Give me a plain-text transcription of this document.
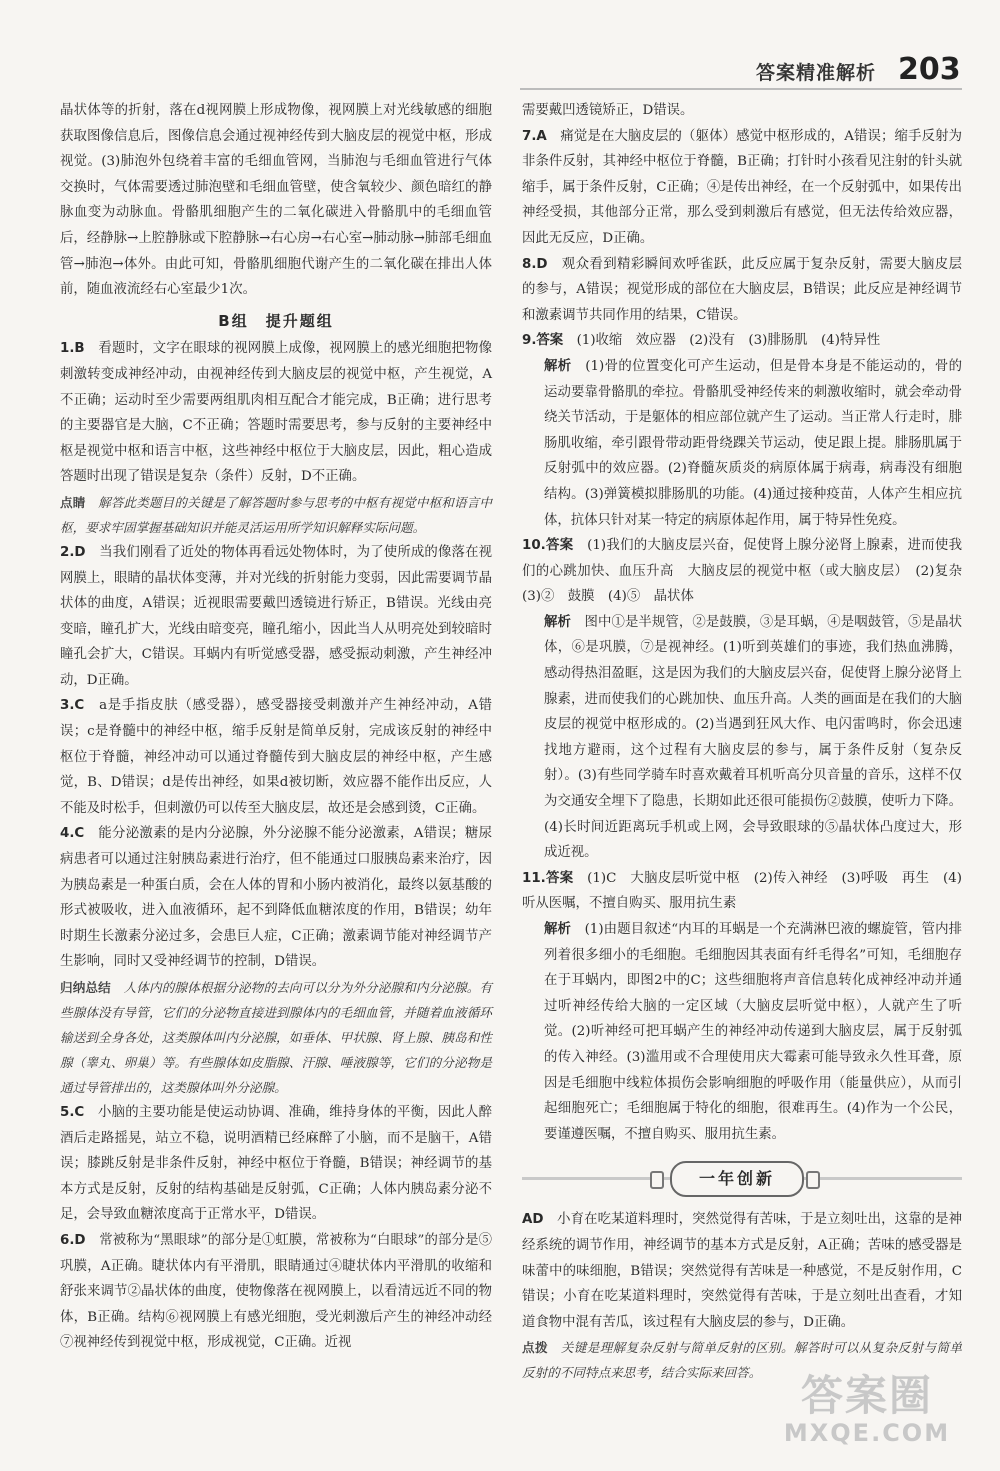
答案精准解析 203

晶状体等的折射，落在d视网膜上形成物像，视网膜上对光线敏感的细胞获取图像信息后，图像信息会通过视神经传到大脑皮层的视觉中枢，形成视觉。(3)肺泡外包绕着丰富的毛细血管网，当肺泡与毛细血管进行气体交换时，气体需要透过肺泡壁和毛细血管壁，使含氧较少、颜色暗红的静脉血变为动脉血。骨骼肌细胞产生的二氧化碳进入骨骼肌中的毛细血管后，经静脉→上腔静脉或下腔静脉→右心房→右心室→肺动脉→肺部毛细血管→肺泡→体外。由此可知，骨骼肌细胞代谢产生的二氧化碳在排出人体前，随血液流经右心室最少1次。

B组　提升题组

1.B　 看题时，文字在眼球的视网膜上成像，视网膜上的感光细胞把物像刺激转变成神经冲动，由视神经传到大脑皮层的视觉中枢，产生视觉，A不正确；运动时至少需要两组肌肉相互配合才能完成，B正确；进行思考的主要器官是大脑，C不正确；答题时需要思考，参与反射的主要神经中枢是视觉中枢和语言中枢，这些神经中枢位于大脑皮层，因此，粗心造成答题时出现了错误是复杂（条件）反射，D不正确。

点睛　 解答此类题目的关键是了解答题时参与思考的中枢有视觉中枢和语言中枢，要求牢固掌握基础知识并能灵活运用所学知识解释实际问题。

2.D　 当我们刚看了近处的物体再看远处物体时，为了使所成的像落在视网膜上，眼睛的晶状体变薄，并对光线的折射能力变弱，因此需要调节晶状体的曲度，A错误；近视眼需要戴凹透镜进行矫正，B错误。光线由亮变暗，瞳孔扩大，光线由暗变亮，瞳孔缩小，因此当人从明亮处到较暗时瞳孔会扩大，C错误。耳蜗内有听觉感受器，感受振动刺激，产生神经冲动，D正确。

3.C　 a是手指皮肤（感受器），感受器接受刺激并产生神经冲动，A错误；c是脊髓中的神经中枢，缩手反射是简单反射，完成该反射的神经中枢位于脊髓，神经冲动可以通过脊髓传到大脑皮层的神经中枢，产生感觉，B、D错误；d是传出神经，如果d被切断，效应器不能作出反应，人不能及时松手，但刺激仍可以传至大脑皮层，故还是会感到烫，C正确。

4.C　 能分泌激素的是内分泌腺，外分泌腺不能分泌激素，A错误；糖尿病患者可以通过注射胰岛素进行治疗，但不能通过口服胰岛素来治疗，因为胰岛素是一种蛋白质，会在人体的胃和小肠内被消化，最终以氨基酸的形式被吸收，进入血液循环，起不到降低血糖浓度的作用，B错误；幼年时期生长激素分泌过多，会患巨人症，C正确；激素调节能对神经调节产生影响，同时又受神经调节的控制，D错误。

归纳总结　 人体内的腺体根据分泌物的去向可以分为外分泌腺和内分泌腺。有些腺体没有导管，它们的分泌物直接进到腺体内的毛细血管，并随着血液循环输送到全身各处，这类腺体叫内分泌腺，如垂体、甲状腺、肾上腺、胰岛和性腺（睾丸、卵巢）等。有些腺体如皮脂腺、汗腺、唾液腺等，它们的分泌物是通过导管排出的，这类腺体叫外分泌腺。

5.C　 小脑的主要功能是使运动协调、准确，维持身体的平衡，因此人醉酒后走路摇晃，站立不稳，说明酒精已经麻醉了小脑，而不是脑干，A错误；膝跳反射是非条件反射，神经中枢位于脊髓，B错误；神经调节的基本方式是反射，反射的结构基础是反射弧，C正确；人体内胰岛素分泌不足，会导致血糖浓度高于正常水平，D错误。

6.D　 常被称为“黑眼球”的部分是①虹膜，常被称为“白眼球”的部分是⑤巩膜，A正确。睫状体内有平滑肌，眼睛通过④睫状体内平滑肌的收缩和舒张来调节②晶状体的曲度，使物像落在视网膜上，以看清远近不同的物体，B正确。结构⑥视网膜上有感光细胞，受光刺激后产生的神经冲动经⑦视神经传到视觉中枢，形成视觉，C正确。近视

需要戴凹透镜矫正，D错误。

7.A　 痛觉是在大脑皮层的（躯体）感觉中枢形成的，A错误；缩手反射为非条件反射，其神经中枢位于脊髓，B正确；打针时小孩看见注射的针头就缩手，属于条件反射，C正确；④是传出神经，在一个反射弧中，如果传出神经受损，其他部分正常，那么受到刺激后有感觉，但无法传给效应器，因此无反应，D正确。

8.D　 观众看到精彩瞬间欢呼雀跃，此反应属于复杂反射，需要大脑皮层的参与，A错误；视觉形成的部位在大脑皮层，B错误；此反应是神经调节和激素调节共同作用的结果，C错误。

9.答案　 (1)收缩　效应器　(2)没有　(3)腓肠肌　(4)特异性

解析　 (1)骨的位置变化可产生运动，但是骨本身是不能运动的，骨的运动要靠骨骼肌的牵拉。骨骼肌受神经传来的刺激收缩时，就会牵动骨绕关节活动，于是躯体的相应部位就产生了运动。当正常人行走时，腓肠肌收缩，牵引跟骨带动距骨绕踝关节运动，使足跟上提。腓肠肌属于反射弧中的效应器。(2)脊髓灰质炎的病原体属于病毒，病毒没有细胞结构。(3)弹簧模拟腓肠肌的功能。(4)通过接种疫苗，人体产生相应抗体，抗体只针对某一特定的病原体起作用，属于特异性免疫。

10.答案　 (1)我们的大脑皮层兴奋，促使肾上腺分泌肾上腺素，进而使我们的心跳加快、血压升高　大脑皮层的视觉中枢（或大脑皮层）　(2)复杂　(3)②　鼓膜　(4)⑤　晶状体

解析　 图中①是半规管，②是鼓膜，③是耳蜗，④是咽鼓管，⑤是晶状体，⑥是巩膜，⑦是视神经。(1)听到英雄们的事迹，我们热血沸腾，感动得热泪盈眶，这是因为我们的大脑皮层兴奋，促使肾上腺分泌肾上腺素，进而使我们的心跳加快、血压升高。人类的画面是在我们的大脑皮层的视觉中枢形成的。(2)当遇到狂风大作、电闪雷鸣时，你会迅速找地方避雨，这个过程有大脑皮层的参与，属于条件反射（复杂反射）。(3)有些同学骑车时喜欢戴着耳机听高分贝音量的音乐，这样不仅为交通安全埋下了隐患，长期如此还很可能损伤②鼓膜，使听力下降。(4)长时间近距离玩手机或上网，会导致眼球的⑤晶状体凸度过大，形成近视。

11.答案　 (1)C　大脑皮层听觉中枢　(2)传入神经　(3)呼吸　再生　(4)听从医嘱，不擅自购买、服用抗生素

解析　 (1)由题目叙述“内耳的耳蜗是一个充满淋巴液的螺旋管，管内排列着很多细小的毛细胞。毛细胞因其表面有纤毛得名”可知，毛细胞存在于耳蜗内，即图2中的C；这些细胞将声音信息转化成神经冲动并通过听神经传给大脑的一定区域（大脑皮层听觉中枢），人就产生了听觉。(2)听神经可把耳蜗产生的神经冲动传递到大脑皮层，属于反射弧的传入神经。(3)滥用或不合理使用庆大霉素可能导致永久性耳聋，原因是毛细胞中线粒体损伤会影响细胞的呼吸作用（能量供应），从而引起细胞死亡；毛细胞属于特化的细胞，很难再生。(4)作为一个公民，要谨遵医嘱，不擅自购买、服用抗生素。

一年创新

AD　 小育在吃某道料理时，突然觉得有苦味，于是立刻吐出，这靠的是神经系统的调节作用，神经调节的基本方式是反射，A正确；苦味的感受器是味蕾中的味细胞，B错误；突然觉得有苦味是一种感觉，不是反射作用，C错误；小育在吃某道料理时，突然觉得有苦味，于是立刻吐出查看，才知道食物中混有苦瓜，该过程有大脑皮层的参与，D正确。

点拨　 关键是理解复杂反射与简单反射的区别。解答时可以从复杂反射与简单反射的不同特点来思考，结合实际来回答。 答案圈
MXQE.COM
